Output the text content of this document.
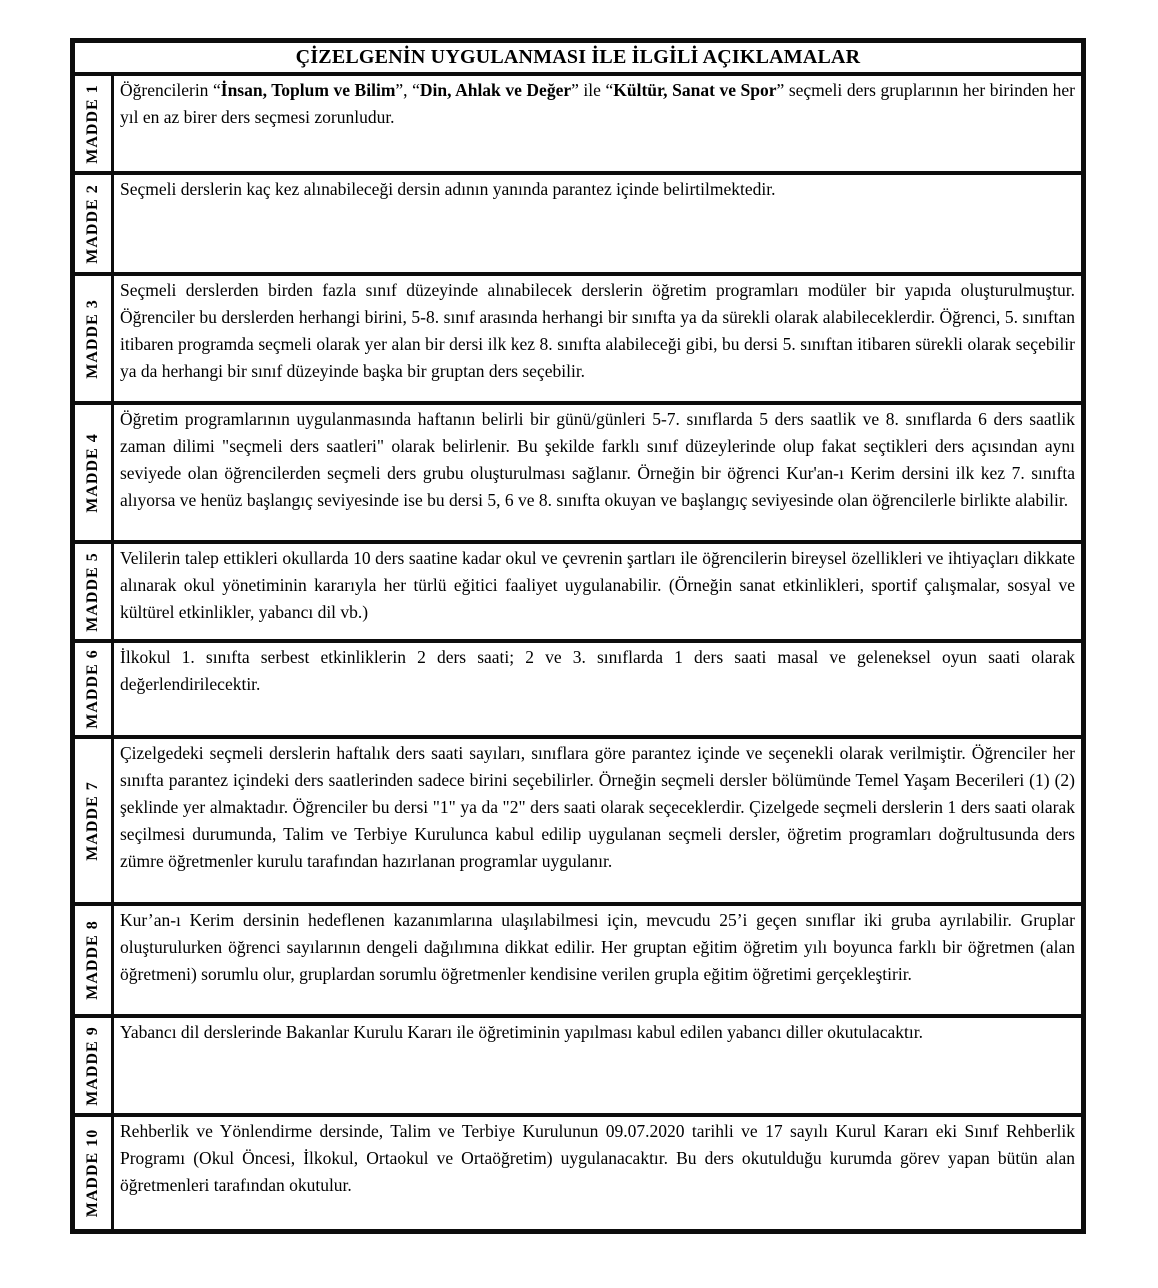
ÇİZELGENİN UYGULANMASI İLE İLGİLİ AÇIKLAMALAR	

MADDE 1	Öğrencilerin “İnsan, Toplum ve Bilim”, “Din, Ahlak ve Değer” ile “Kültür, Sanat ve Spor” seçmeli ders gruplarının her birinden her yıl en az birer ders seçmesi zorunludur.

MADDE 2	Seçmeli derslerin kaç kez alınabileceği dersin adının yanında parantez içinde belirtilmektedir.

MADDE 3	Seçmeli derslerden birden fazla sınıf düzeyinde alınabilecek derslerin öğretim programları modüler bir yapıda oluşturulmuştur. Öğrenciler bu derslerden herhangi birini, 5-8. sınıf arasında herhangi bir sınıfta ya da sürekli olarak alabileceklerdir. Öğrenci, 5. sınıftan itibaren programda seçmeli olarak yer alan bir dersi ilk kez 8. sınıfta alabileceği gibi, bu dersi 5. sınıftan itibaren sürekli olarak seçebilir ya da herhangi bir sınıf düzeyinde başka bir gruptan ders seçebilir.

MADDE 4	Öğretim programlarının uygulanmasında haftanın belirli bir günü/günleri 5-7. sınıflarda 5 ders saatlik ve 8. sınıflarda 6 ders saatlik zaman dilimi "seçmeli ders saatleri" olarak belirlenir. Bu şekilde farklı sınıf düzeylerinde olup fakat seçtikleri ders açısından aynı seviyede olan öğrencilerden seçmeli ders grubu oluşturulması sağlanır. Örneğin bir öğrenci Kur'an-ı Kerim dersini ilk kez 7. sınıfta alıyorsa ve henüz başlangıç seviyesinde ise bu dersi 5, 6 ve 8. sınıfta okuyan ve başlangıç seviyesinde olan öğrencilerle birlikte alabilir.

MADDE 5	Velilerin talep ettikleri okullarda 10 ders saatine kadar okul ve çevrenin şartları ile öğrencilerin bireysel özellikleri ve ihtiyaçları dikkate alınarak okul yönetiminin kararıyla her türlü eğitici faaliyet uygulanabilir. (Örneğin sanat etkinlikleri, sportif çalışmalar, sosyal ve kültürel etkinlikler, yabancı dil vb.)

MADDE 6	İlkokul 1. sınıfta serbest etkinliklerin 2 ders saati; 2 ve 3. sınıflarda 1 ders saati masal ve geleneksel oyun saati olarak değerlendirilecektir.

MADDE 7	Çizelgedeki seçmeli derslerin haftalık ders saati sayıları, sınıflara göre parantez içinde ve seçenekli olarak verilmiştir. Öğrenciler her sınıfta parantez içindeki ders saatlerinden sadece birini seçebilirler. Örneğin seçmeli dersler bölümünde Temel Yaşam Becerileri (1) (2) şeklinde yer almaktadır. Öğrenciler bu dersi "1" ya da "2" ders saati olarak seçeceklerdir. Çizelgede seçmeli derslerin 1 ders saati olarak seçilmesi durumunda, Talim ve Terbiye Kurulunca kabul edilip uygulanan seçmeli dersler, öğretim programları doğrultusunda ders zümre öğretmenler kurulu tarafından hazırlanan programlar uygulanır.

MADDE 8	Kur’an-ı Kerim dersinin hedeflenen kazanımlarına ulaşılabilmesi için, mevcudu 25’i geçen sınıflar iki gruba ayrılabilir. Gruplar oluşturulurken öğrenci sayılarının dengeli dağılımına dikkat edilir. Her gruptan eğitim öğretim yılı boyunca farklı bir öğretmen (alan öğretmeni) sorumlu olur, gruplardan sorumlu öğretmenler kendisine verilen grupla eğitim öğretimi gerçekleştirir.

MADDE 9	Yabancı dil derslerinde Bakanlar Kurulu Kararı ile öğretiminin yapılması kabul edilen yabancı diller okutulacaktır.

MADDE 10	Rehberlik ve Yönlendirme dersinde, Talim ve Terbiye Kurulunun 09.07.2020 tarihli ve 17 sayılı Kurul Kararı eki Sınıf Rehberlik Programı (Okul Öncesi, İlkokul, Ortaokul ve Ortaöğretim) uygulanacaktır. Bu ders okutulduğu kurumda görev yapan bütün alan öğretmenleri tarafından okutulur.
